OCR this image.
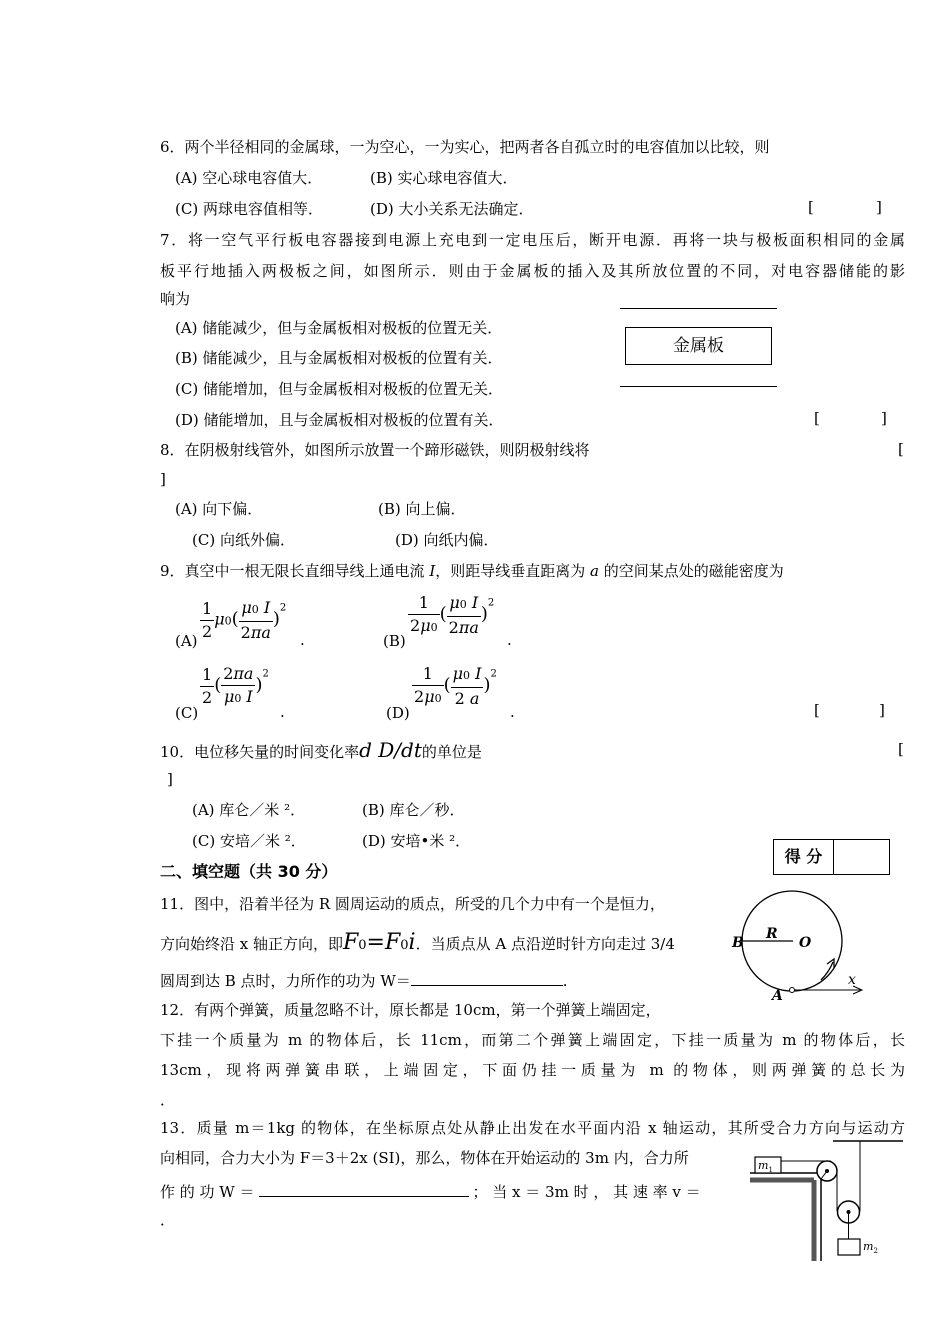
6．两个半径相同的金属球，一为空心，一为实心，把两者各自孤立时的电容值加以比较，则
(A) 空心球电容值大．	(B) 实心球电容值大．
(C) 两球电容值相等．	(D) 大小关系无法确定．	[	]
7．将一空气平行板电容器接到电源上充电到一定电压后，断开电源．再将一块与极板面积相同的金属
板平行地插入两极板之间，如图所示．则由于金属板的插入及其所放位置的不同，对电容器储能的影
响为
(A) 储能减少，但与金属板相对极板的位置无关．
(B) 储能减少，且与金属板相对极板的位置有关．
(C) 储能增加，但与金属板相对极板的位置无关．
(D) 储能增加，且与金属板相对极板的位置有关．	[	]
金属板
8．在阴极射线管外，如图所示放置一个蹄形磁铁，则阴极射线将	[
]
(A) 向下偏．	(B) 向上偏．
(C) 向纸外偏．	(D) 向纸内偏．
9．真空中一根无限长直细导线上通电流 I，则距导线垂直距离为 a 的空间某点处的磁能密度为
$(A) \frac{1}{2} \mu 0( \frac{\mu 0 I}{2\pi a} )^2$
.	(B)
$\frac{1}{2\mu 0}$ ( $\frac{\mu 0 I}{2\pi a} )^2$
.
(C)
$\frac{1}{2}$ ( $\frac{2\pi a}{\mu 0 I} )^2$
.	(D)
$\frac{1}{2\mu 0}$ ( $\frac{\mu 0 I}{2 a} )^2$
.	[	]
10．电位移矢量的时间变化率d D/dt的单位是	[
]
(A) 库仑／米 ²．	(B) 库仑／秒．
(C) 安培／米 ²．	(D) 安培•米 ²．
二、填空题（共 30 分）
得 分
11．图中，沿着半径为 R 圆周运动的质点，所受的几个力中有一个是恒力，
方向始终沿 x 轴正方向，即F0=F0i．当质点从 A 点沿逆时针方向走过 3/4
圆周到达 B 点时，力所作的功为 W＝	.
B
R
O
A
x
12．有两个弹簧，质量忽略不计，原长都是 10cm，第一个弹簧上端固定，
下挂一个质量为 m 的物体后，长 11cm，而第二个弹簧上端固定，下挂一质量为 m 的物体后，长
13cm，现将两弹簧串联，上端固定，下面仍挂一质量为 m 的物体，则两弹簧的总长为
．
13．质量 m＝1kg 的物体，在坐标原点处从静止出发在水平面内沿 x 轴运动，其所受合力方向与运动方
向相同，合力大小为 F＝3＋2x (SI)，那么，物体在开始运动的 3m 内，合力所
作 的 功 W ＝	； 当 x ＝ 3m 时 ， 其 速 率 v ＝
．
$m_1$
$m_2$
